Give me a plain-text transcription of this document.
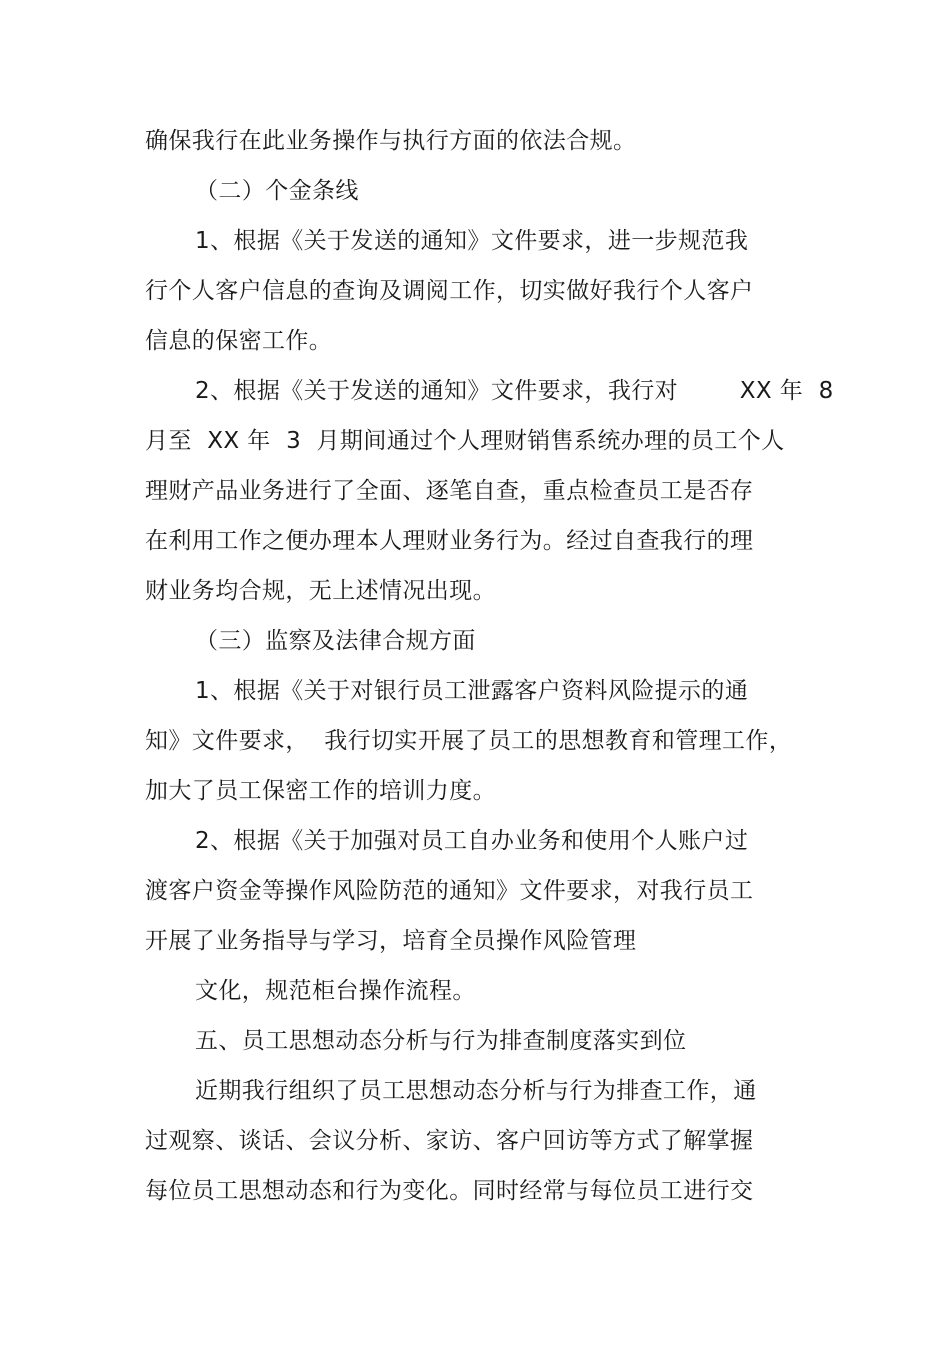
确保我行在此业务操作与执行方面的依法合规。
（二）个金条线
1、根据《关于发送的通知》文件要求，进一步规范我
行个人客户信息的查询及调阅工作，切实做好我行个人客户
信息的保密工作。
2、根据《关于发送的通知》文件要求，我行对        XX 年  8
月至  XX 年  3  月期间通过个人理财销售系统办理的员工个人
理财产品业务进行了全面、逐笔自查，重点检查员工是否存
在利用工作之便办理本人理财业务行为。经过自查我行的理
财业务均合规，无上述情况出现。
（三）监察及法律合规方面
1、根据《关于对银行员工泄露客户资料风险提示的通
知》文件要求，  我行切实开展了员工的思想教育和管理工作，
加大了员工保密工作的培训力度。
2、根据《关于加强对员工自办业务和使用个人账户过
渡客户资金等操作风险防范的通知》文件要求，对我行员工
开展了业务指导与学习，培育全员操作风险管理
文化，规范柜台操作流程。
五、员工思想动态分析与行为排查制度落实到位
近期我行组织了员工思想动态分析与行为排查工作，通
过观察、谈话、会议分析、家访、客户回访等方式了解掌握
每位员工思想动态和行为变化。同时经常与每位员工进行交
